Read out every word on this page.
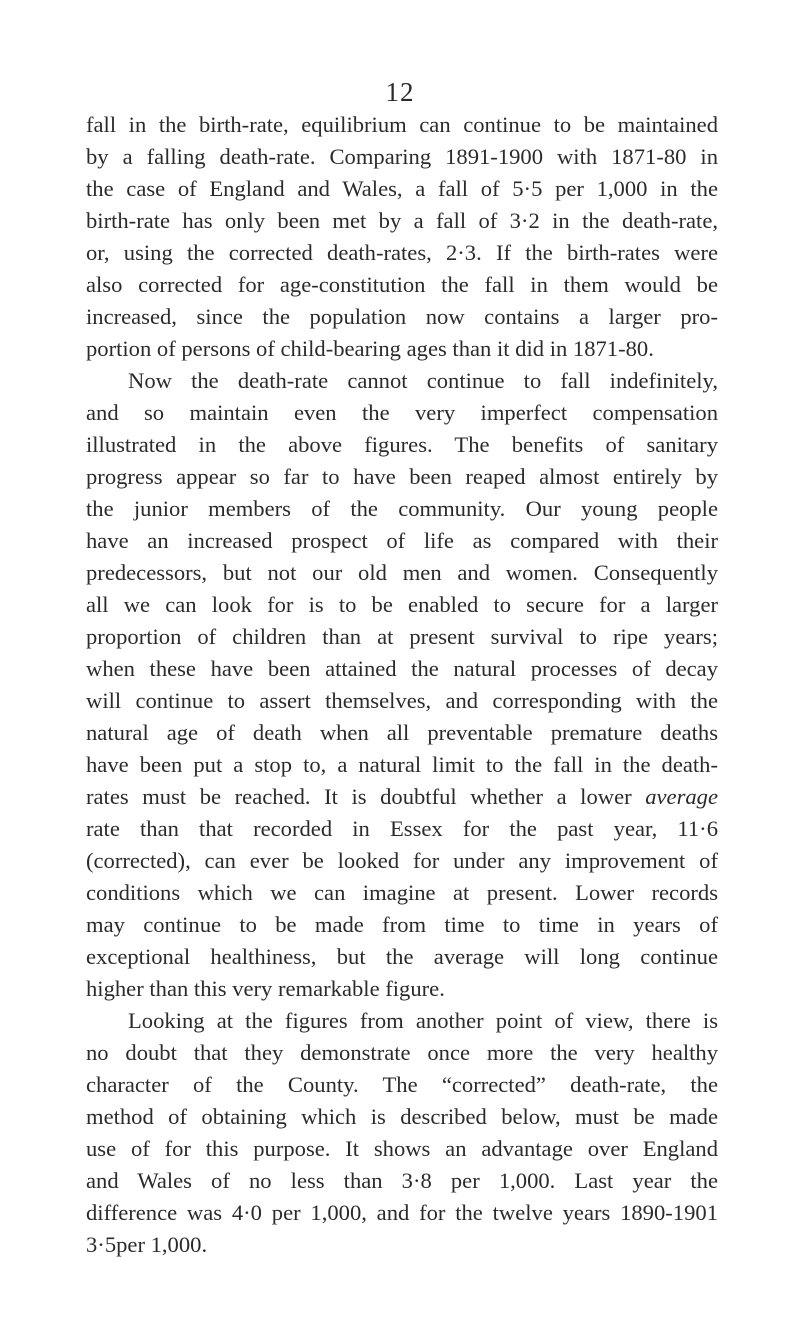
12
fall in the birth-rate, equilibrium can continue to be maintained
by a falling death-rate. Comparing 1891-1900 with 1871-80 in
the case of England and Wales, a fall of 5·5 per 1,000 in the
birth-rate has only been met by a fall of 3·2 in the death-rate,
or, using the corrected death-rates, 2·3. If the birth-rates were
also corrected for age-constitution the fall in them would be
increased, since the population now contains a larger pro-
portion of persons of child-bearing ages than it did in 1871-80.
Now the death-rate cannot continue to fall indefinitely,
and so maintain even the very imperfect compensation
illustrated in the above figures. The benefits of sanitary
progress appear so far to have been reaped almost entirely by
the junior members of the community. Our young people
have an increased prospect of life as compared with their
predecessors, but not our old men and women. Consequently
all we can look for is to be enabled to secure for a larger
proportion of children than at present survival to ripe years;
when these have been attained the natural processes of decay
will continue to assert themselves, and corresponding with the
natural age of death when all preventable premature deaths
have been put a stop to, a natural limit to the fall in the death-
rates must be reached. It is doubtful whether a lower average
rate than that recorded in Essex for the past year, 11·6
(corrected), can ever be looked for under any improvement of
conditions which we can imagine at present. Lower records
may continue to be made from time to time in years of
exceptional healthiness, but the average will long continue
higher than this very remarkable figure.
Looking at the figures from another point of view, there is
no doubt that they demonstrate once more the very healthy
character of the County. The “corrected” death-rate, the
method of obtaining which is described below, must be made
use of for this purpose. It shows an advantage over England
and Wales of no less than 3·8 per 1,000. Last year the
difference was 4·0 per 1,000, and for the twelve years 1890-1901
3·5per 1,000.
